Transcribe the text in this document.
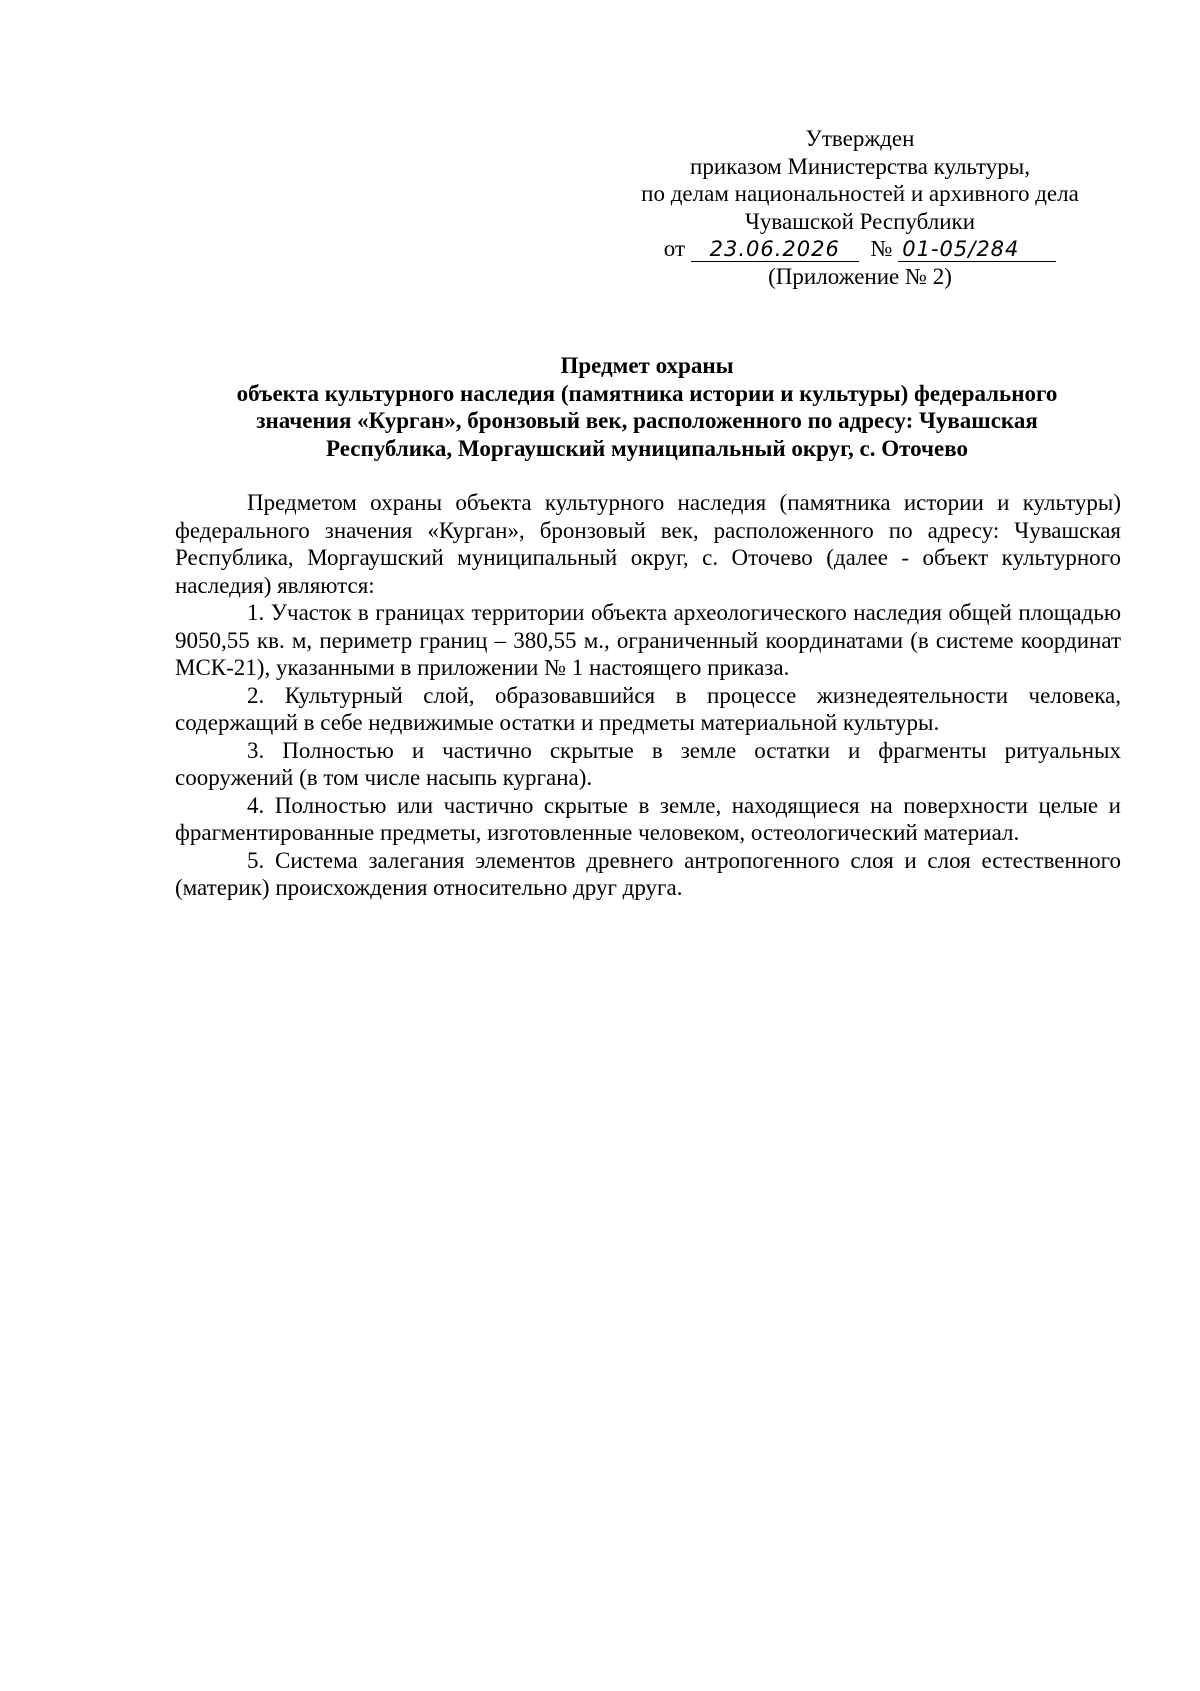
Утвержден
приказом Министерства культуры,
по делам национальностей и архивного дела
Чувашской Республики
от 23.06.2026 № 01-05/284
(Приложение № 2)
Предмет охраны
объекта культурного наследия (памятника истории и культуры) федерального
значения «Курган», бронзовый век, расположенного по адресу: Чувашская
Республика, Моргаушский муниципальный округ, с. Оточево

Предметом охраны объекта культурного наследия (памятника истории и культуры) федерального значения «Курган», бронзовый век, расположенного по адресу: Чувашская Республика, Моргаушский муниципальный округ, с. Оточево (далее - объект культурного наследия) являются:

1. Участок в границах территории объекта археологического наследия общей площадью 9050,55 кв. м, периметр границ – 380,55 м., ограниченный координатами (в системе координат МСК-21), указанными в приложении № 1 настоящего приказа.

2. Культурный слой, образовавшийся в процессе жизнедеятельности человека, содержащий в себе недвижимые остатки и предметы материальной культуры.

3. Полностью и частично скрытые в земле остатки и фрагменты ритуальных сооружений (в том числе насыпь кургана).

4. Полностью или частично скрытые в земле, находящиеся на поверхности целые и фрагментированные предметы, изготовленные человеком, остеологический материал.

5. Система залегания элементов древнего антропогенного слоя и слоя естественного (материк) происхождения относительно друг друга.
